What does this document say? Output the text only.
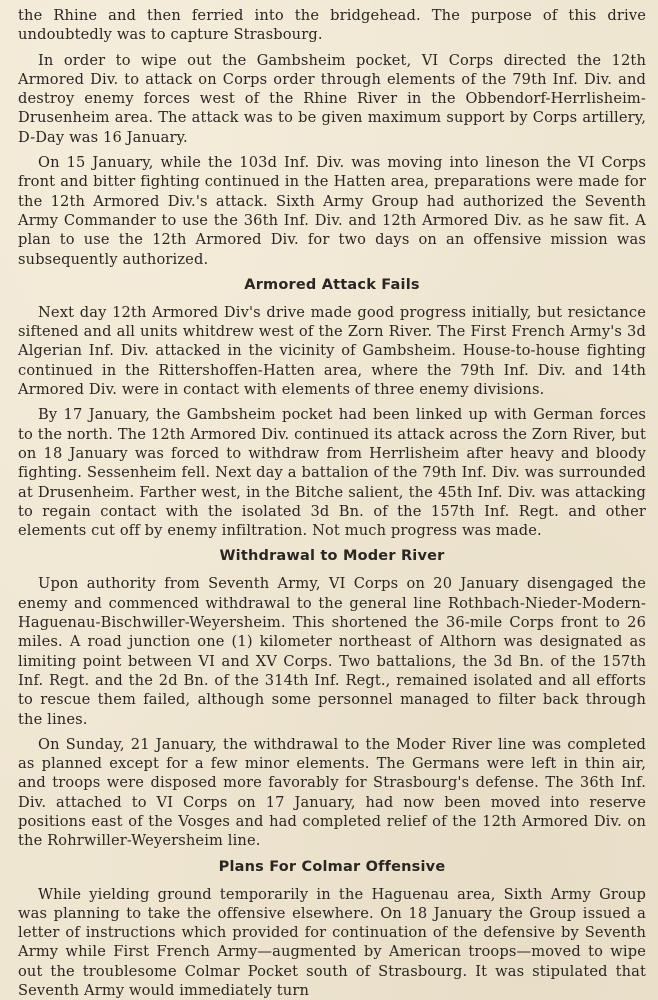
the Rhine and then ferried into the bridgehead. The purpose of this drive undoubtedly was to capture Strasbourg.

In order to wipe out the Gambsheim pocket, VI Corps directed the 12th Armored Div. to attack on Corps order through elements of the 79th Inf. Div. and destroy enemy forces west of the Rhine River in the Obbendorf-Herrlisheim-Drusenheim area. The attack was to be given maximum support by Corps artillery, D-Day was 16 January.

On 15 January, while the 103d Inf. Div. was moving into lineson the VI Corps front and bitter fighting continued in the Hatten area, preparations were made for the 12th Armored Div.'s attack. Sixth Army Group had authorized the Seventh Army Commander to use the 36th Inf. Div. and 12th Armored Div. as he saw fit. A plan to use the 12th Armored Div. for two days on an offensive mission was subsequently authorized.

Armored Attack Fails

Next day 12th Armored Div's drive made good progress initially, but resictance siftened and all units whitdrew west of the Zorn River. The First French Army's 3d Algerian Inf. Div. attacked in the vicinity of Gambsheim. House-to-house fighting continued in the Rittershoffen-Hatten area, where the 79th Inf. Div. and 14th Armored Div. were in contact with elements of three enemy divisions.

By 17 January, the Gambsheim pocket had been linked up with German forces to the north. The 12th Armored Div. continued its attack across the Zorn River, but on 18 January was forced to withdraw from Herrlisheim after heavy and bloody fighting. Sessenheim fell. Next day a battalion of the 79th Inf. Div. was surrounded at Drusenheim. Farther west, in the Bitche salient, the 45th Inf. Div. was attacking to regain contact with the isolated 3d Bn. of the 157th Inf. Regt. and other elements cut off by enemy infiltration. Not much progress was made.

Withdrawal to Moder River

Upon authority from Seventh Army, VI Corps on 20 January disengaged the enemy and commenced withdrawal to the general line Rothbach-Nieder-Modern-Haguenau-Bischwiller-Weyersheim. This shortened the 36-mile Corps front to 26 miles. A road junction one (1) kilometer northeast of Althorn was designated as limiting point between VI and XV Corps. Two battalions, the 3d Bn. of the 157th Inf. Regt. and the 2d Bn. of the 314th Inf. Regt., remained isolated and all efforts to rescue them failed, although some personnel managed to filter back through the lines.

On Sunday, 21 January, the withdrawal to the Moder River line was completed as planned except for a few minor elements. The Germans were left in thin air, and troops were disposed more favorably for Strasbourg's defense. The 36th Inf. Div. attached to VI Corps on 17 January, had now been moved into reserve positions east of the Vosges and had completed relief of the 12th Armored Div. on the Rohrwiller-Weyersheim line.

Plans For Colmar Offensive

While yielding ground temporarily in the Haguenau area, Sixth Army Group was planning to take the offensive elsewhere. On 18 January the Group issued a letter of instructions which provided for continuation of the defensive by Seventh Army while First French Army—augmented by American troops—moved to wipe out the troublesome Colmar Pocket south of Strasbourg. It was stipulated that Seventh Army would immediately turn
